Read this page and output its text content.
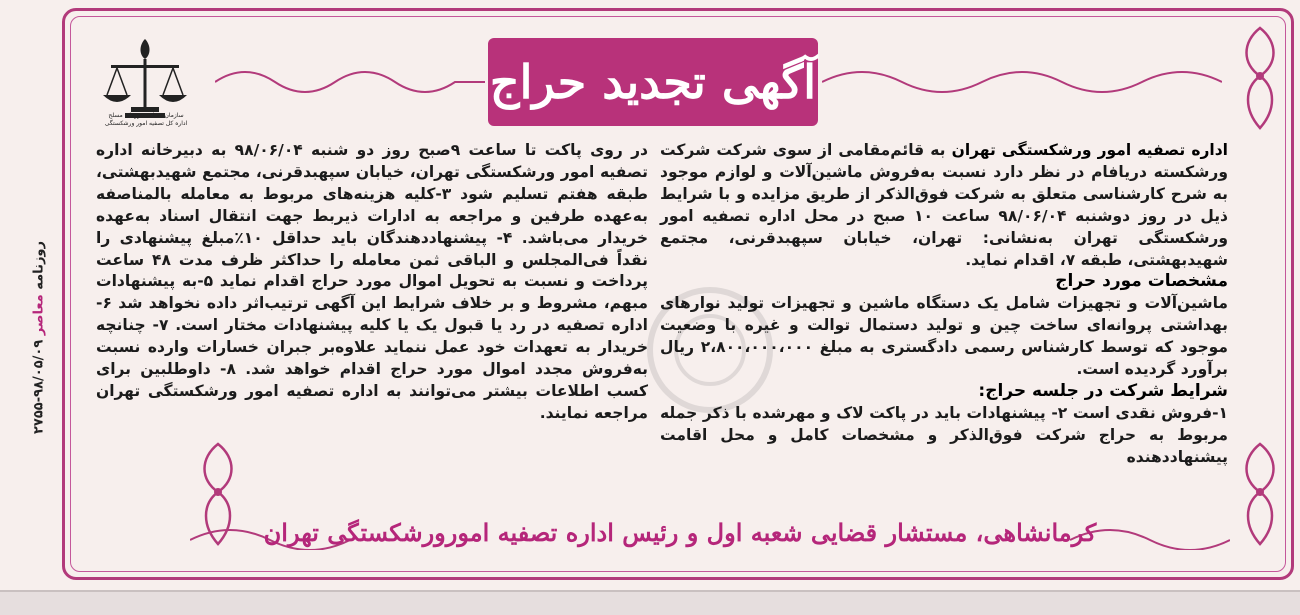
آگهی تجدید حراج
سازمان قضائی نیروهای مسلح
اداره کل تصفیه امور ورشکستگی

اداره تصفیه امور ورشکستگی تهران به قائم‌مقامی از سوی شرکت شرکت ورشکسته دریافام در نظر دارد نسبت به‌فروش ماشین‌آلات و لوازم موجود به شرح کارشناسی متعلق به شرکت فوق‌الذکر از طریق مزایده و با شرایط ذیل در روز دوشنبه ۹۸/۰۶/۰۴ ساعت ۱۰ صبح در محل اداره تصفیه امور ورشکستگی تهران به‌نشانی: تهران، خیابان سپهبدقرنی، مجتمع شهیدبهشتی، طبقه ۷، اقدام نماید.

مشخصات مورد حراج

ماشین‌آلات و تجهیزات شامل یک دستگاه ماشین و تجهیزات تولید نوارهای بهداشتی پروانه‌ای ساخت چین و تولید دستمال توالت و غیره با وضعیت موجود که توسط کارشناس رسمی دادگستری به مبلغ ۲،۸۰۰،۰۰۰،۰۰۰ ریال برآورد گردیده است.

شرایط شرکت در جلسه حراج:

۱-فروش نقدی است ۲- پیشنهادات باید در پاکت لاک و مهرشده با ذکر جمله مربوط به حراج شرکت فوق‌الذکر و مشخصات کامل و محل اقامت پیشنهاددهنده

در روی پاکت تا ساعت ۹صبح روز دو شنبه ۹۸/۰۶/۰۴ به دبیرخانه اداره تصفیه امور ورشکستگی تهران، خیابان سپهبدقرنی، مجتمع شهیدبهشتی، طبقه هفتم تسلیم شود ۳-کلیه هزینه‌های مربوط به معامله بالمناصفه به‌عهده طرفین و مراجعه به ادارات ذیربط جهت انتقال اسناد به‌عهده خریدار می‌باشد. ۴- پیشنهاددهندگان باید حداقل ۱۰٪مبلغ پیشنهادی را نقداً فی‌المجلس و الباقی ثمن معامله را حداکثر ظرف مدت ۴۸ ساعت پرداخت و نسبت به تحویل اموال مورد حراج اقدام نماید ۵-به پیشنهادات مبهم، مشروط و بر خلاف شرایط این آگهی ترتیب‌اثر داده نخواهد شد ۶-اداره تصفیه در رد یا قبول یک یا کلیه پیشنهادات مختار است. ۷- چنانچه خریدار به تعهدات خود عمل ننماید علاوه‌بر جبران خسارات وارده نسبت به‌فروش مجدد اموال مورد حراج اقدام خواهد شد. ۸- داوطلبین برای کسب اطلاعات بیشتر می‌توانند به اداره تصفیه امور ورشکستگی تهران مراجعه نمایند.

کرمانشاهی، مستشار قضایی شعبه اول و رئیس اداره تصفیه امورورشکستگی تهران
روزنامه معاصر ۹۸/۰۵/۰۹-۲۷۵۵
